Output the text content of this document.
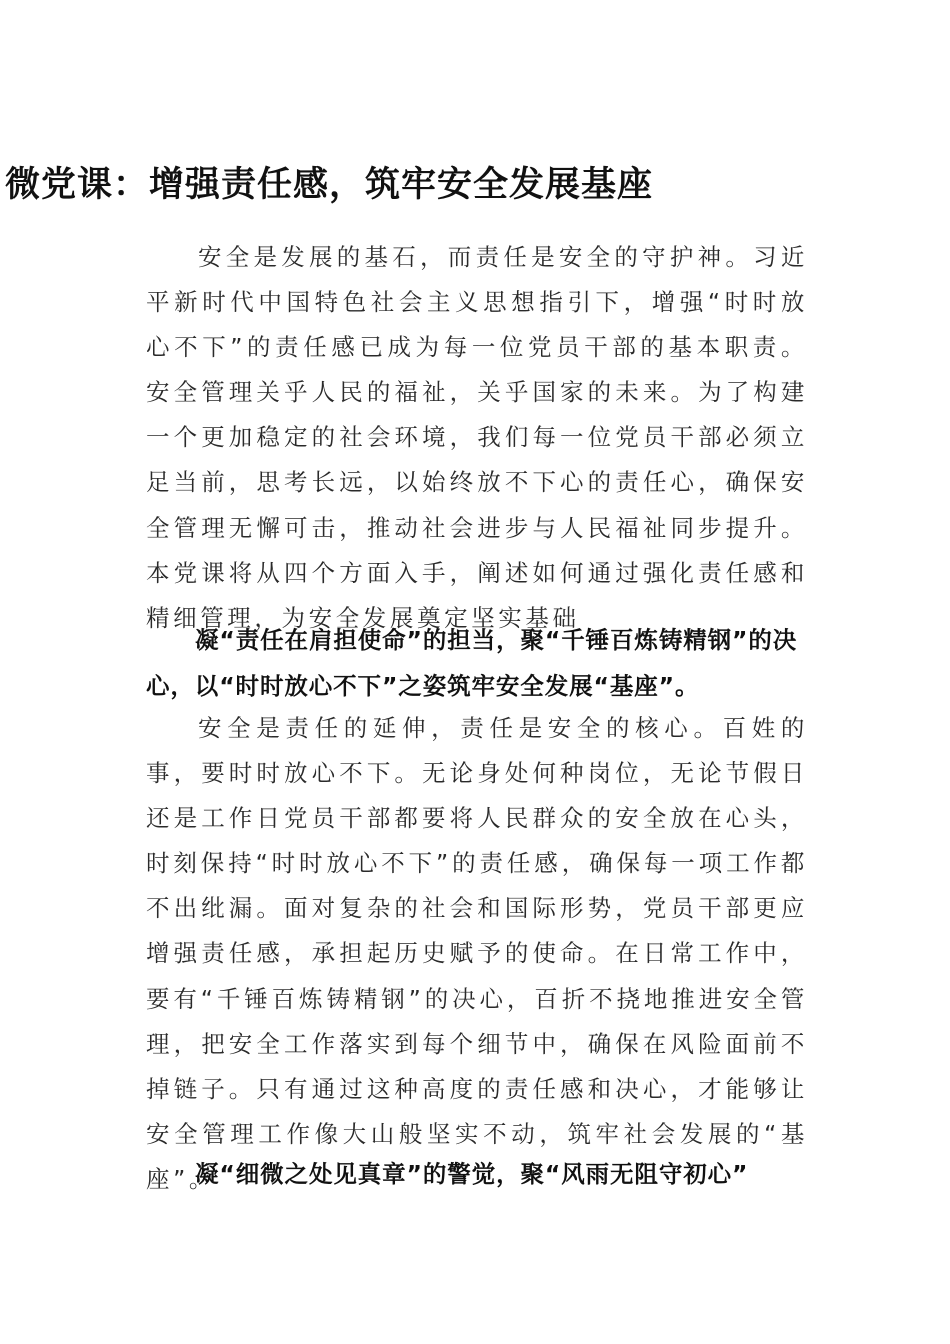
微党课：增强责任感，筑牢安全发展基座

安全是发展的基石，而责任是安全的守护神。习近平新时代中国特色社会主义思想指引下，增强“时时放心不下”的责任感已成为每一位党员干部的基本职责。安全管理关乎人民的福祉，关乎国家的未来。为了构建一个更加稳定的社会环境，我们每一位党员干部必须立足当前，思考长远，以始终放不下心的责任心，确保安全管理无懈可击，推动社会进步与人民福祉同步提升。本党课将从四个方面入手，阐述如何通过强化责任感和精细管理，为安全发展奠定坚实基础

凝“责任在肩担使命”的担当，聚“千锤百炼铸精钢”的决心，以“时时放心不下”之姿筑牢安全发展“基座”。

安全是责任的延伸，责任是安全的核心。百姓的事，要时时放心不下。无论身处何种岗位，无论节假日还是工作日党员干部都要将人民群众的安全放在心头，时刻保持“时时放心不下”的责任感，确保每一项工作都不出纰漏。面对复杂的社会和国际形势，党员干部更应增强责任感，承担起历史赋予的使命。在日常工作中，要有“千锤百炼铸精钢”的决心，百折不挠地推进安全管理，把安全工作落实到每个细节中，确保在风险面前不掉链子。只有通过这种高度的责任感和决心，才能够让安全管理工作像大山般坚实不动，筑牢社会发展的“基座”。

凝“细微之处见真章”的警觉，聚“风雨无阻守初心”
